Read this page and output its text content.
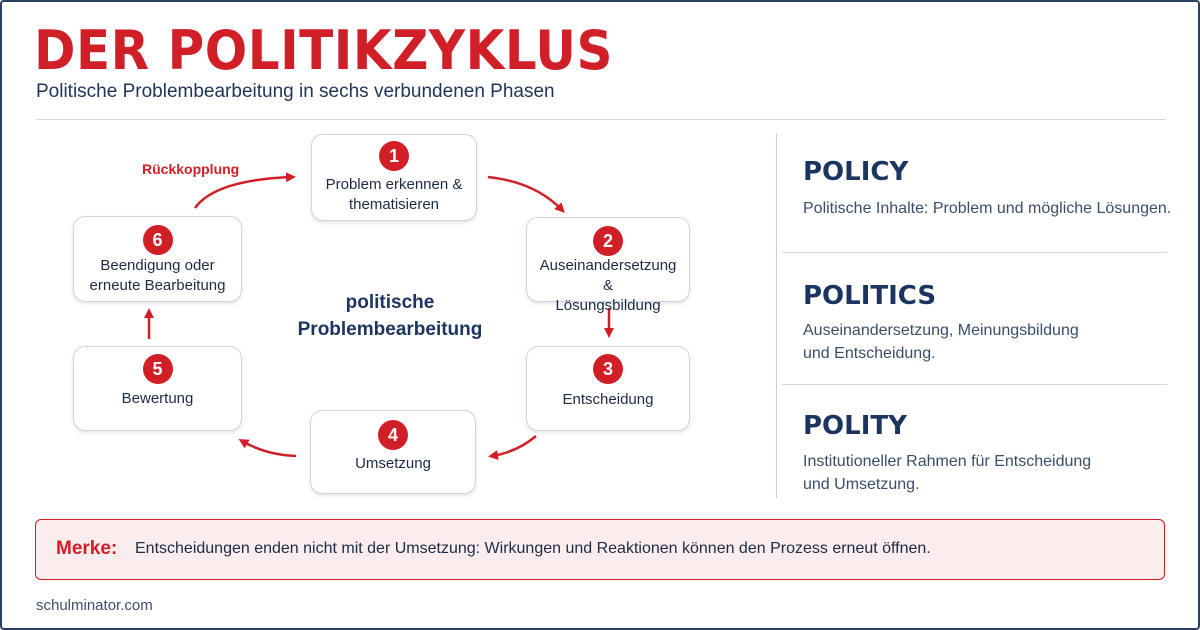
DER POLITIKZYKLUS
Politische Problembearbeitung in sechs verbundenen Phasen
Rückkopplung
1
Problem erkennen &
thematisieren
2
Auseinandersetzung &
Lösungsbildung
3
Entscheidung
4
Umsetzung
5
Bewertung
6
Beendigung oder
erneute Bearbeitung
politische
Problembearbeitung
POLICY
Politische Inhalte: Problem und mögliche Lösungen.
POLITICS
Auseinandersetzung, Meinungsbildung
und Entscheidung.
POLITY
Institutioneller Rahmen für Entscheidung
und Umsetzung.
Merke: Entscheidungen enden nicht mit der Umsetzung: Wirkungen und Reaktionen können den Prozess erneut öffnen.
schulminator.com
